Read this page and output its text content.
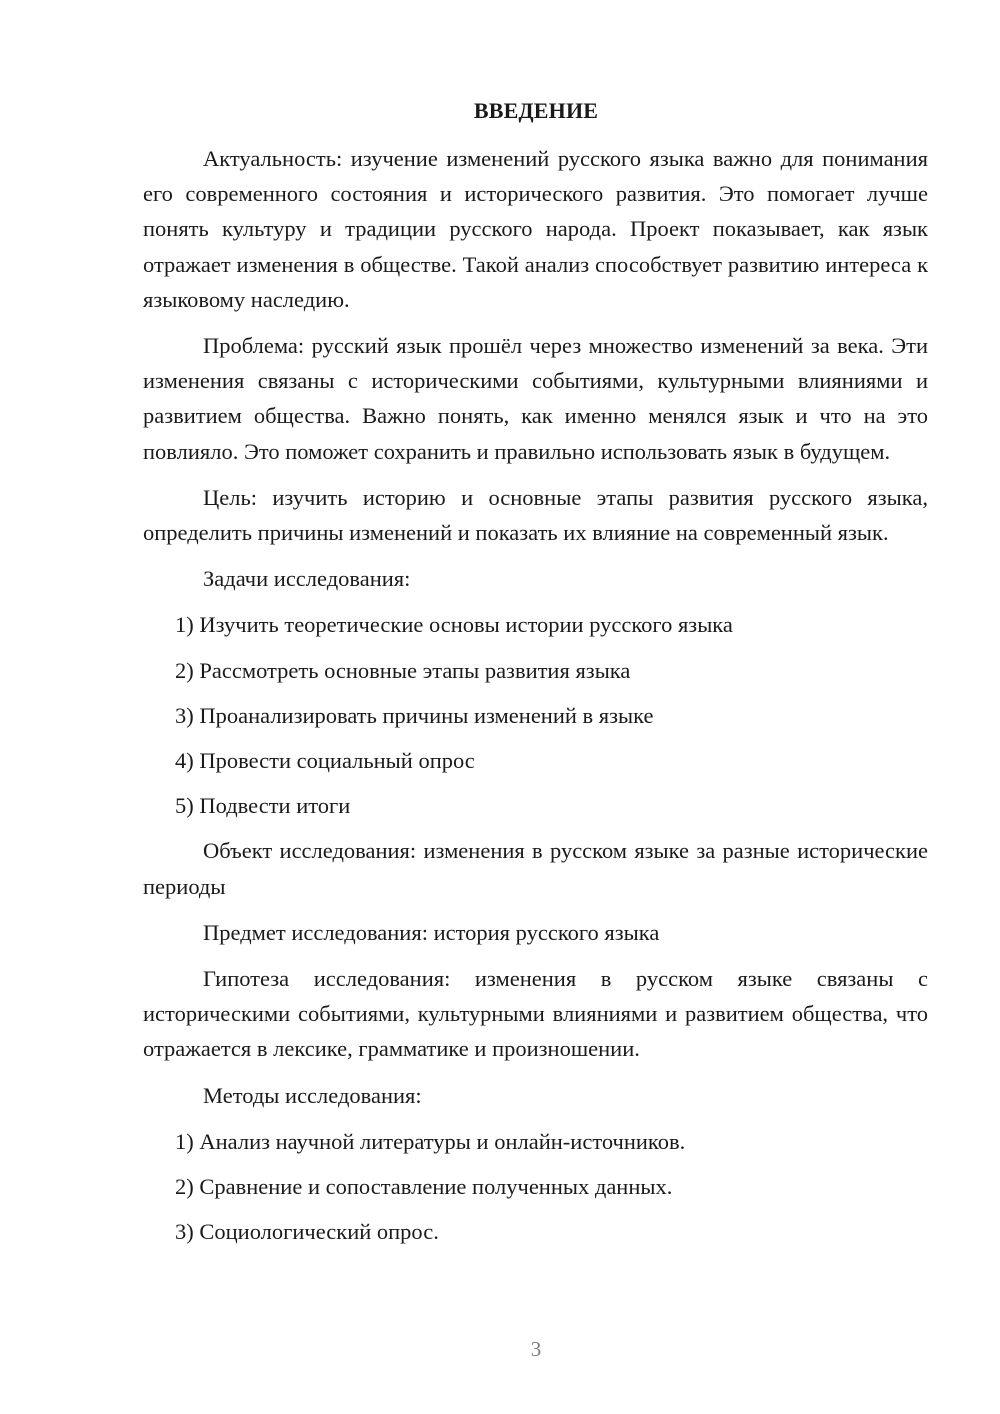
ВВЕДЕНИЕ

Актуальность: изучение изменений русского языка важно для понимания его современного состояния и исторического развития. Это помогает лучше понять культуру и традиции русского народа. Проект показывает, как язык отражает изменения в обществе. Такой анализ способствует развитию интереса к языковому наследию.

Проблема: русский язык прошёл через множество изменений за века. Эти изменения связаны с историческими событиями, культурными влияниями и развитием общества. Важно понять, как именно менялся язык и что на это повлияло. Это поможет сохранить и правильно использовать язык в будущем.

Цель: изучить историю и основные этапы развития русского языка, определить причины изменений и показать их влияние на современный язык.

Задачи исследования:

1) Изучить теоретические основы истории русского языка

2) Рассмотреть основные этапы развития языка

3) Проанализировать причины изменений в языке

4) Провести социальный опрос

5) Подвести итоги

Объект исследования: изменения в русском языке за разные исторические периоды

Предмет исследования: история русского языка

Гипотеза исследования: изменения в русском языке связаны с историческими событиями, культурными влияниями и развитием общества, что отражается в лексике, грамматике и произношении.

Методы исследования:

1) Анализ научной литературы и онлайн-источников.

2) Сравнение и сопоставление полученных данных.

3) Социологический опрос.

3
